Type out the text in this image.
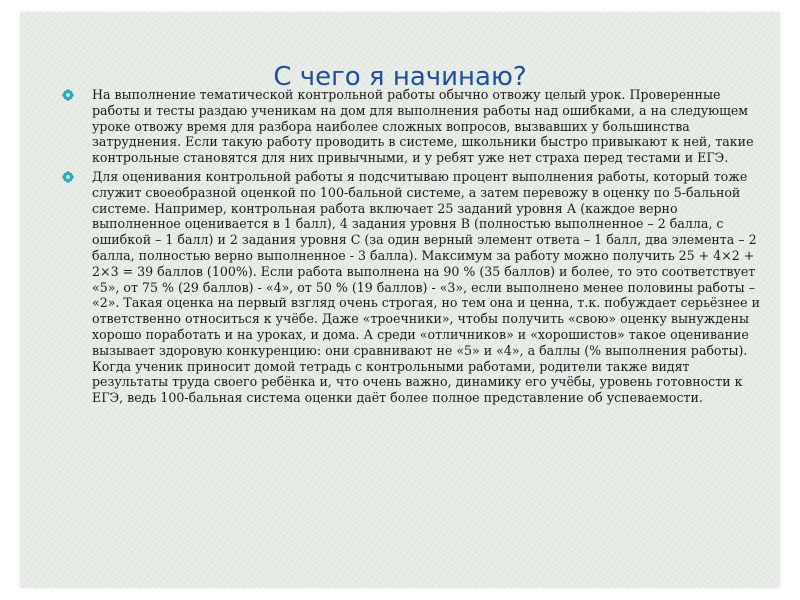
С чего я начинаю?

На выполнение тематической контрольной работы обычно отвожу целый урок. Проверенные работы и тесты раздаю ученикам на дом для выполнения работы над ошибками, а на следующем уроке отвожу время для разбора наиболее сложных вопросов, вызвавших у большинства затруднения. Если такую работу проводить в системе, школьники быстро привыкают к ней, такие контрольные становятся для них привычными, и у ребят уже нет страха перед тестами и ЕГЭ.

Для оценивания контрольной работы я подсчитываю процент выполнения работы, который тоже служит своеобразной оценкой по 100-бальной системе, а затем перевожу в оценку по 5-бальной системе. Например, контрольная работа включает 25 заданий уровня А (каждое верно выполненное оценивается в 1 балл), 4 задания уровня В (полностью выполненное – 2 балла, с ошибкой – 1 балл) и 2 задания уровня С (за один верный элемент ответа – 1 балл, два элемента – 2 балла, полностью верно выполненное - 3 балла). Максимум за работу можно получить 25 + 4×2 + 2×3 = 39 баллов (100%). Если работа выполнена на 90 % (35 баллов) и более, то это соответствует «5», от 75 % (29 баллов) - «4», от 50 % (19 баллов) - «3», если выполнено менее половины работы – «2». Такая оценка на первый взгляд очень строгая, но тем она и ценна, т.к. побуждает серьёзнее и ответственно относиться к учёбе. Даже «троечники», чтобы получить «свою» оценку вынуждены хорошо поработать и на уроках, и дома. А среди «отличников» и «хорошистов» такое оценивание вызывает здоровую конкуренцию: они сравнивают не «5» и «4», а баллы (% выполнения работы). Когда ученик приносит домой тетрадь с контрольными работами, родители также видят результаты труда своего ребёнка и, что очень важно, динамику его учёбы, уровень готовности к ЕГЭ, ведь 100-бальная система оценки даёт более полное представление об успеваемости.
